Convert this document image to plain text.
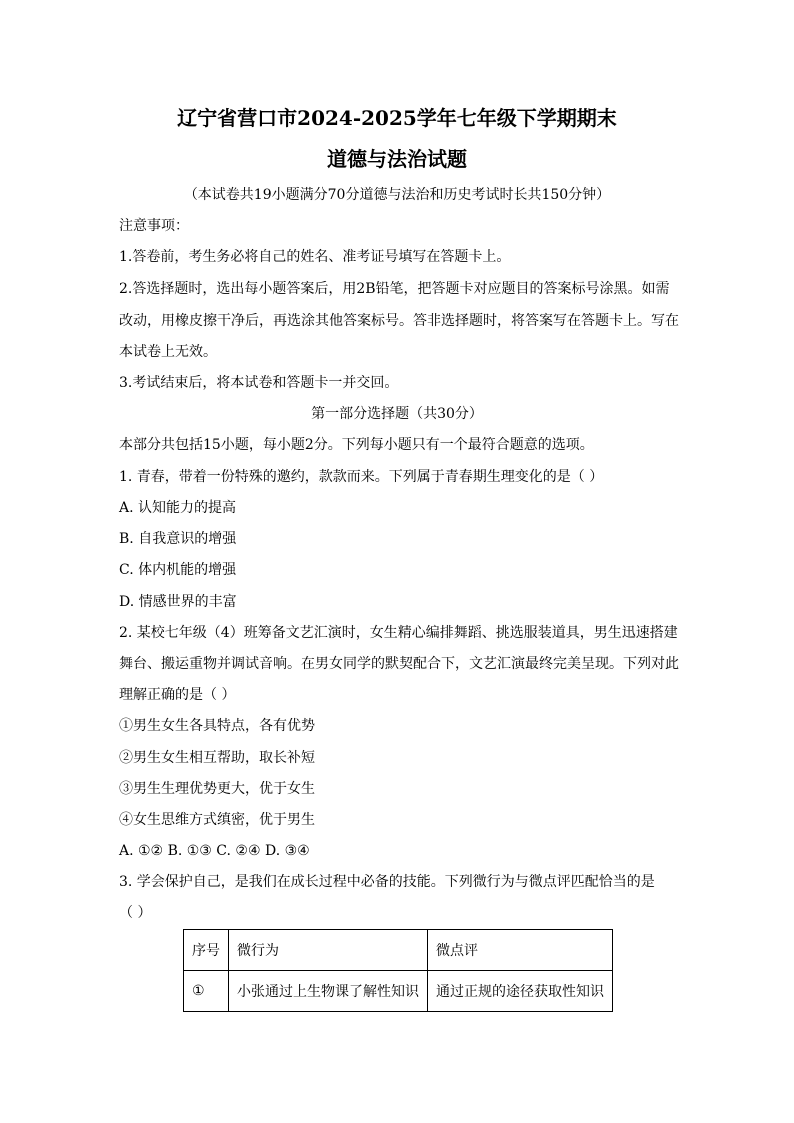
辽宁省营口市2024-2025学年七年级下学期期末
道德与法治试题
（本试卷共19小题满分70分道德与法治和历史考试时长共150分钟）
注意事项：
1.答卷前，考生务必将自己的姓名、准考证号填写在答题卡上。
2.答选择题时，选出每小题答案后，用2B铅笔，把答题卡对应题目的答案标号涂黑。如需
改动，用橡皮擦干净后，再选涂其他答案标号。答非选择题时，将答案写在答题卡上。写在
本试卷上无效。
3.考试结束后，将本试卷和答题卡一并交回。
第一部分选择题（共30分）
本部分共包括15小题，每小题2分。下列每小题只有一个最符合题意的选项。
1. 青春，带着一份特殊的邀约，款款而来。下列属于青春期生理变化的是（ ）
A. 认知能力的提高
B. 自我意识的增强
C. 体内机能的增强
D. 情感世界的丰富
2. 某校七年级（4）班筹备文艺汇演时，女生精心编排舞蹈、挑选服装道具，男生迅速搭建
舞台、搬运重物并调试音响。在男女同学的默契配合下，文艺汇演最终完美呈现。下列对此
理解正确的是（ ）
①男生女生各具特点，各有优势
②男生女生相互帮助，取长补短
③男生生理优势更大，优于女生
④女生思维方式缜密，优于男生
A. ①② B. ①③ C. ②④ D. ③④
3. 学会保护自己，是我们在成长过程中必备的技能。下列微行为与微点评匹配恰当的是
（ ）
序号	微行为	微点评
①	小张通过上生物课了解性知识	通过正规的途径获取性知识
